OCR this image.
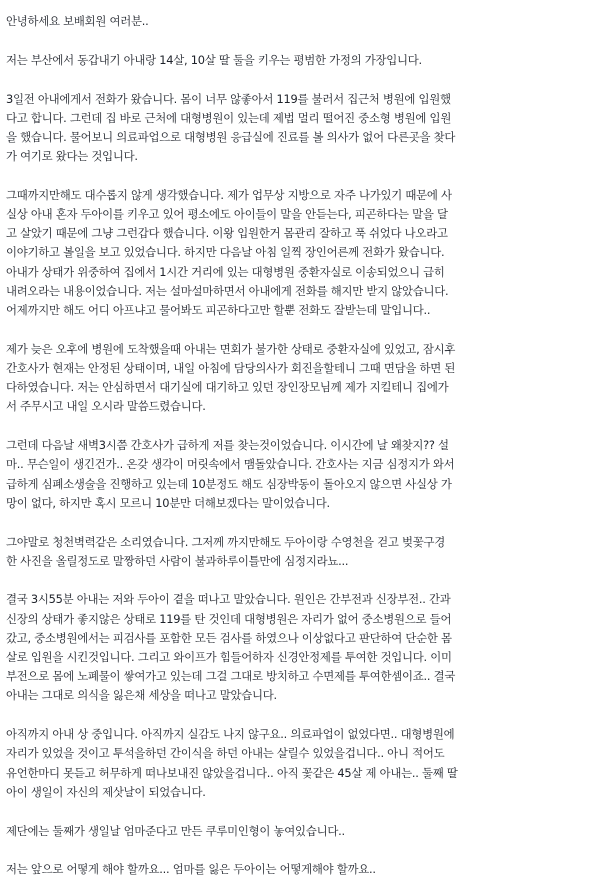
안녕하세요 보배회원 여러분..
저는 부산에서 동갑내기 아내랑 14살, 10살 딸 둘을 키우는 평범한 가정의 가장입니다.
3일전 아내에게서 전화가 왔습니다. 몸이 너무 않좋아서 119를 불러서 집근처 병원에 입원했
다고 합니다. 그런데 집 바로 근처에 대형병원이 있는데 제법 멀리 떨어진 중소형 병원에 입원
을 했습니다. 물어보니 의료파업으로 대형병원 응급실에 진료를 볼 의사가 없어 다른곳을 찾다
가 여기로 왔다는 것입니다.
그때까지만해도 대수롭지 않게 생각했습니다. 제가 업무상 지방으로 자주 나가있기 때문에 사
실상 아내 혼자 두아이를 키우고 있어 평소에도 아이들이 말을 안듣는다, 피곤하다는 말을 달
고 살았기 때문에 그냥 그런갑다 했습니다. 이왕 입원한거 몸관리 잘하고 푹 쉬었다 나오라고
이야기하고 볼일을 보고 있었습니다. 하지만 다음날 아침 일찍 장인어른께 전화가 왔습니다.
아내가 상태가 위중하여 집에서 1시간 거리에 있는 대형병원 중환자실로 이송되었으니 급히
내려오라는 내용이었습니다. 저는 설마설마하면서 아내에게 전화를 해지만 받지 않았습니다.
어제까지만 해도 어디 아프냐고 물어봐도 피곤하다고만 할뿐 전화도 잘받는데 말입니다..
제가 늦은 오후에 병원에 도착했을때 아내는 면회가 불가한 상태로 중환자실에 있었고, 잠시후
간호사가 현재는 안정된 상태이며, 내일 아침에 담당의사가 회진을할테니 그때 면담을 하면 된
다하였습니다. 저는 안심하면서 대기실에 대기하고 있던 장인장모님께 제가 지킬테니 집에가
서 주무시고 내일 오시라 말씀드렸습니다.
그런데 다음날 새벽3시쯤 간호사가 급하게 저를 찾는것이었습니다. 이시간에 날 왜찾지?? 설
마.. 무슨일이 생긴건가.. 온갖 생각이 머릿속에서 맴돌았습니다. 간호사는 지금 심정지가 와서
급하게 심폐소생술을 진행하고 있는데 10분정도 해도 심장박동이 돌아오지 않으면 사실상 가
망이 없다, 하지만 혹시 모르니 10분만 더해보겠다는 말이었습니다.
그야말로 청천벽력같은 소리였습니다. 그저께 까지만해도 두아이랑 수영천을 걷고 벚꽃구경
한 사진을 올릴정도로 말짱하던 사람이 불과하루이틀만에 심정지라뇨...
결국 3시55분 아내는 저와 두아이 곁을 떠나고 말았습니다. 원인은 간부전과 신장부전.. 간과
신장의 상태가 좋지않은 상태로 119를 탄 것인데 대형병원은 자리가 없어 중소병원으로 들어
갔고, 중소병원에서는 피검사를 포함한 모든 검사를 하였으나 이상없다고 판단하여 단순한 몸
살로 입원을 시킨것입니다. 그리고 와이프가 힘들어하자 신경안정제를 투여한 것입니다. 이미
부전으로 몸에 노폐물이 쌓여가고 있는데 그걸 그대로 방치하고 수면제를 투여한셈이죠.. 결국
아내는 그대로 의식을 잃은채 세상을 떠나고 말았습니다.
아직까지 아내 상 중입니다. 아직까지 실감도 나지 않구요.. 의료파업이 없었다면.. 대형병원에
자리가 있었을 것이고 투석을하던 간이식을 하던 아내는 살릴수 있었을겁니다.. 아니 적어도
유언한마디 못듣고 허무하게 떠나보내진 않았을겁니다.. 아직 꽃같은 45살 제 아내는.. 둘째 딸
아이 생일이 자신의 제삿날이 되었습니다.
제단에는 둘째가 생일날 엄마준다고 만든 쿠루미인형이 놓여있습니다..
저는 앞으로 어떻게 해야 할까요... 엄마를 잃은 두아이는 어떻게해야 할까요..
